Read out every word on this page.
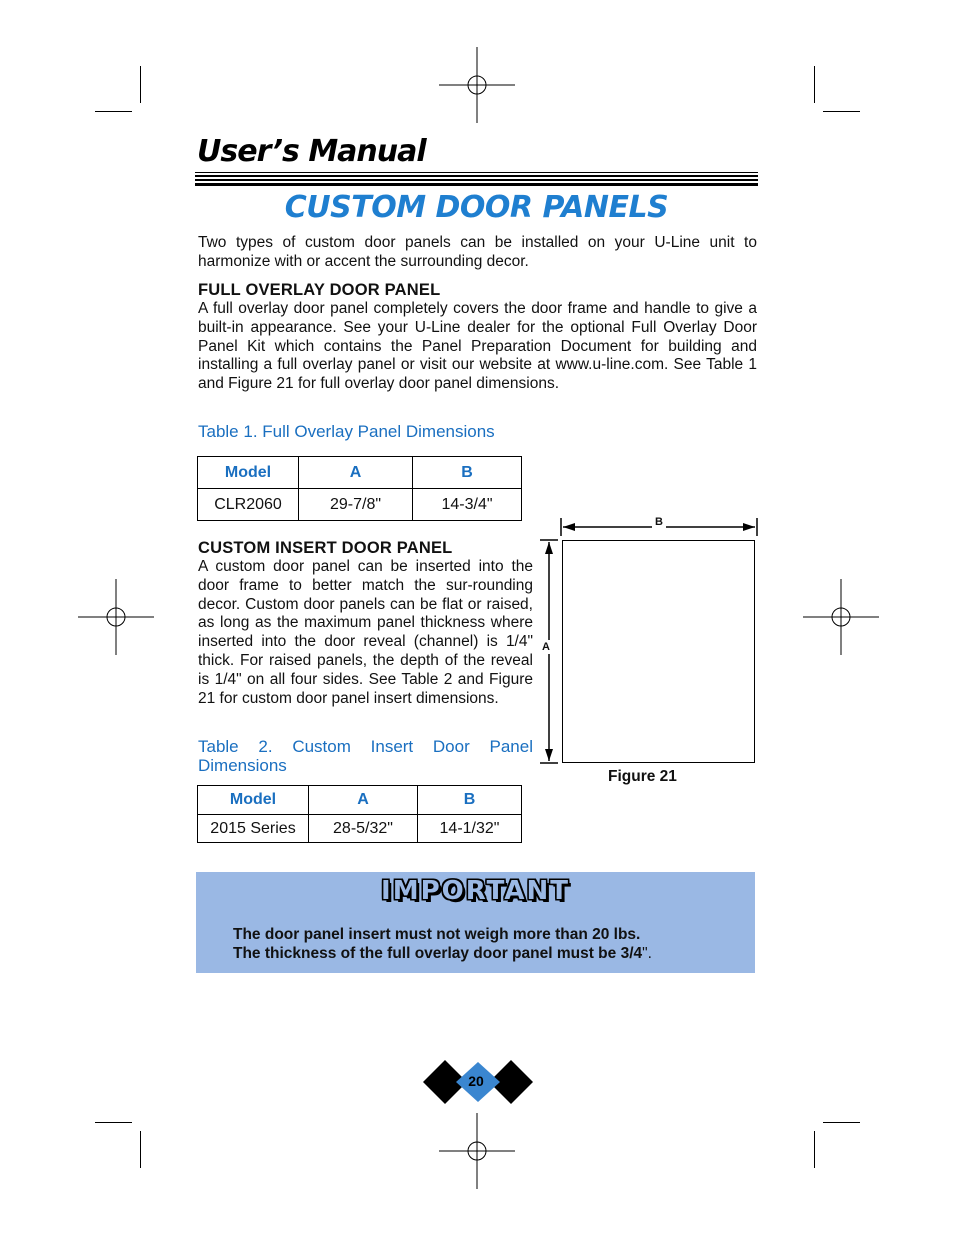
User’s Manual
CUSTOM DOOR PANELS
Two types of custom door panels can be installed on your U-Line unit to harmonize with or accent the surrounding decor.
FULL OVERLAY DOOR PANEL
A full overlay door panel completely covers the door frame and handle to give a built-in appearance. See your U-Line dealer for the optional Full Overlay Door Panel Kit which contains the Panel Preparation Document for building and installing a full overlay panel or visit our website at www.u-line.com. See Table 1 and Figure 21 for full overlay door panel dimensions.
Table 1. Full Overlay Panel Dimensions
Model	A	B
CLR2060	29-7/8"	14-3/4"
CUSTOM INSERT DOOR PANEL
A custom door panel can be inserted into the door frame to better match the sur-rounding decor. Custom door panels can be flat or raised, as long as the maximum panel thickness where inserted into the door reveal (channel) is 1/4" thick. For raised panels, the depth of the reveal is 1/4" on all four sides. See Table 2 and Figure 21 for custom door panel insert dimensions.
Table 2. Custom Insert Door Panel Dimensions
Model	A	B
2015 Series	28-5/32"	14-1/32"
B
A
Figure 21
IMPORTANT
The door panel insert must not weigh more than 20 lbs.
The thickness of the full overlay door panel must be 3/4".
20
